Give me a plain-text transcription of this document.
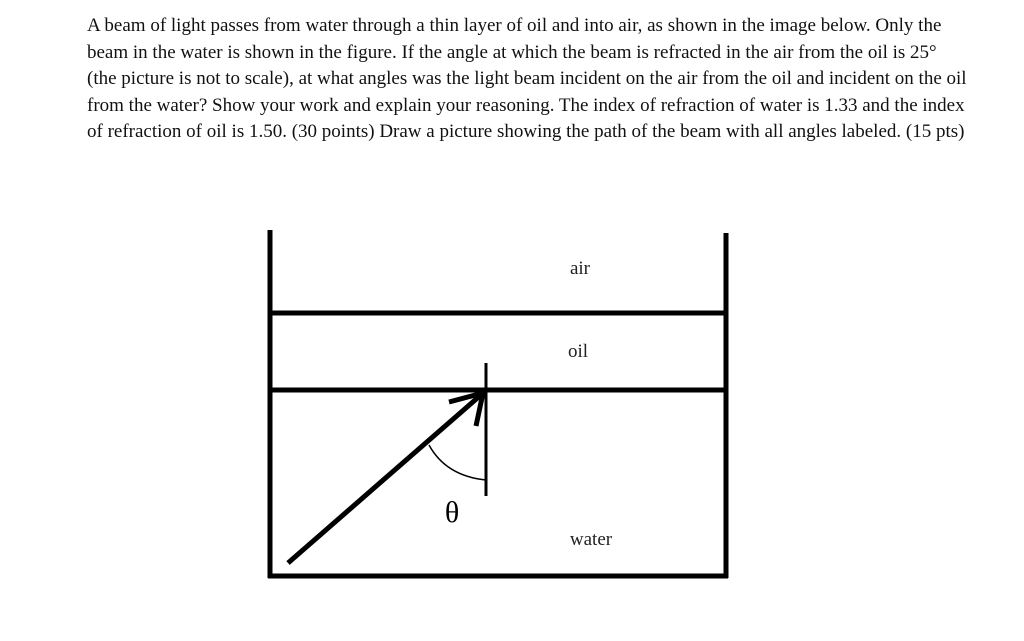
A beam of light passes from water through a thin layer of oil and into air, as shown in the image below. Only the beam in the water is shown in the figure. If the angle at which the beam is refracted in the air from the oil is 25° (the picture is not to scale), at what angles was the light beam incident on the air from the oil and incident on the oil from the water? Show your work and explain your reasoning. The index of refraction of water is 1.33 and the index of refraction of oil is 1.50. (30 points) Draw a picture showing the path of the beam with all angles labeled. (15 pts)

air
oil
water
θ
